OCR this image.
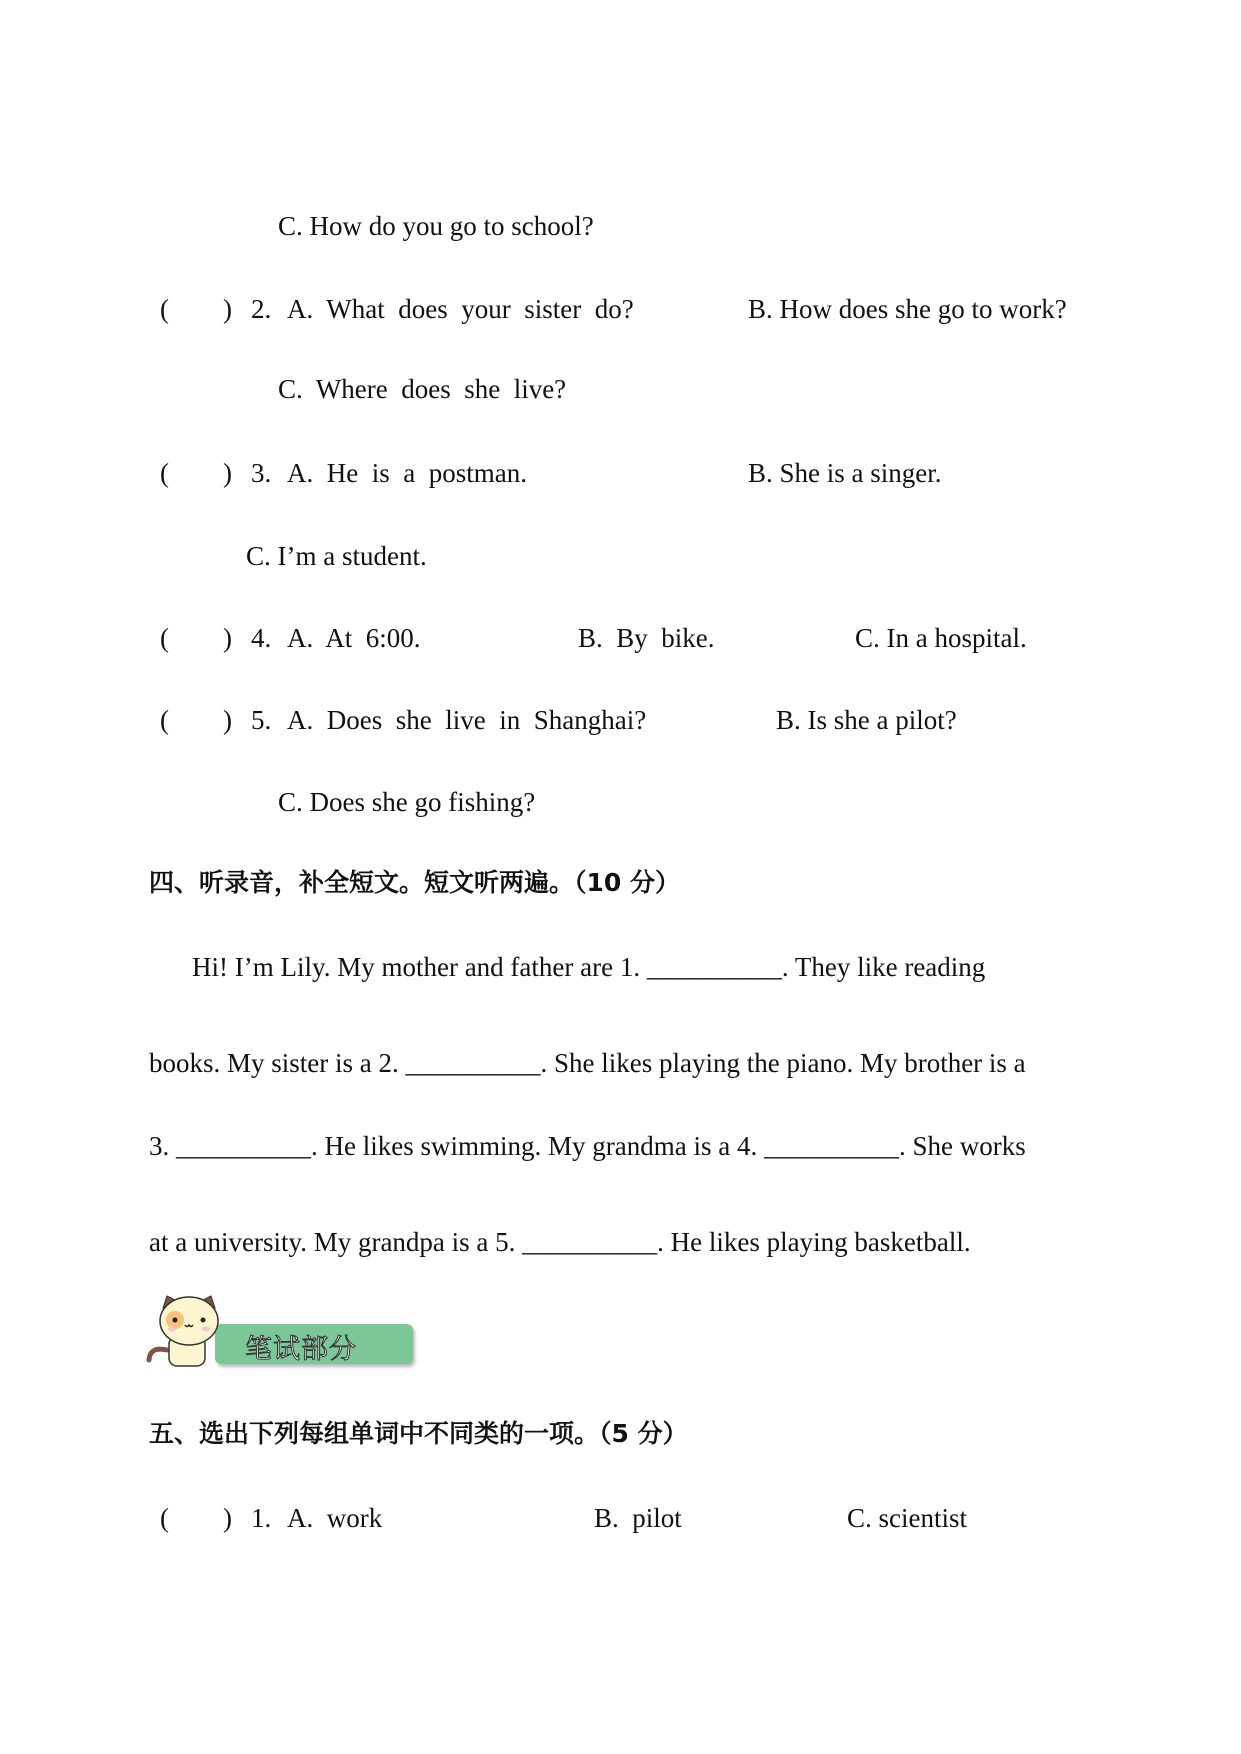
C. How do you go to school?
(　　) 2. A.  What  does  your  sister  do?	B. How does she go to work?
C.  Where  does  she  live?
(　　) 3. A.  He  is  a  postman.	B. She is a singer.
C. I’m a student.
(　　) 4. A.  At  6:00.	B.  By  bike.	C. In a hospital.
(　　) 5. A.  Does  she  live  in  Shanghai?	B. Is she a pilot?
C. Does she go fishing?
四、听录音，补全短文。短文听两遍。（10 分）
Hi! I’m Lily. My mother and father are 1. __________. They like reading
books. My sister is a 2. __________. She likes playing the piano. My brother is a
3. __________. He likes swimming. My grandma is a 4. __________. She works
at a university. My grandpa is a 5. __________. He likes playing basketball.
笔试部分
五、选出下列每组单词中不同类的一项。（5 分）
(　　) 1. A.  work	B.  pilot	C. scientist
